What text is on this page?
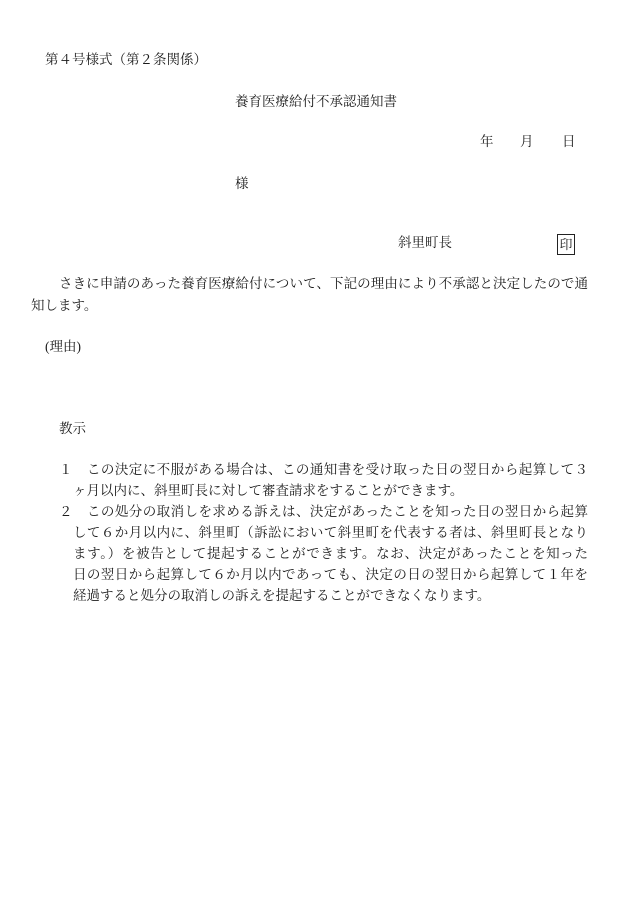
第４号様式（第２条関係）
養育医療給付不承認通知書
年 月 日
様
斜里町長	印
さきに申請のあった養育医療給付について、下記の理由により不承認と決定したので通
知します。
(理由)
教示
１ この決定に不服がある場合は、この通知書を受け取った日の翌日から起算して３
ヶ月以内に、斜里町長に対して審査請求をすることができます。
２ この処分の取消しを求める訴えは、決定があったことを知った日の翌日から起算
して６か月以内に、斜里町（訴訟において斜里町を代表する者は、斜里町長となり
ます。）を被告として提起することができます。なお、決定があったことを知った
日の翌日から起算して６か月以内であっても、決定の日の翌日から起算して１年を
経過すると処分の取消しの訴えを提起することができなくなります。
